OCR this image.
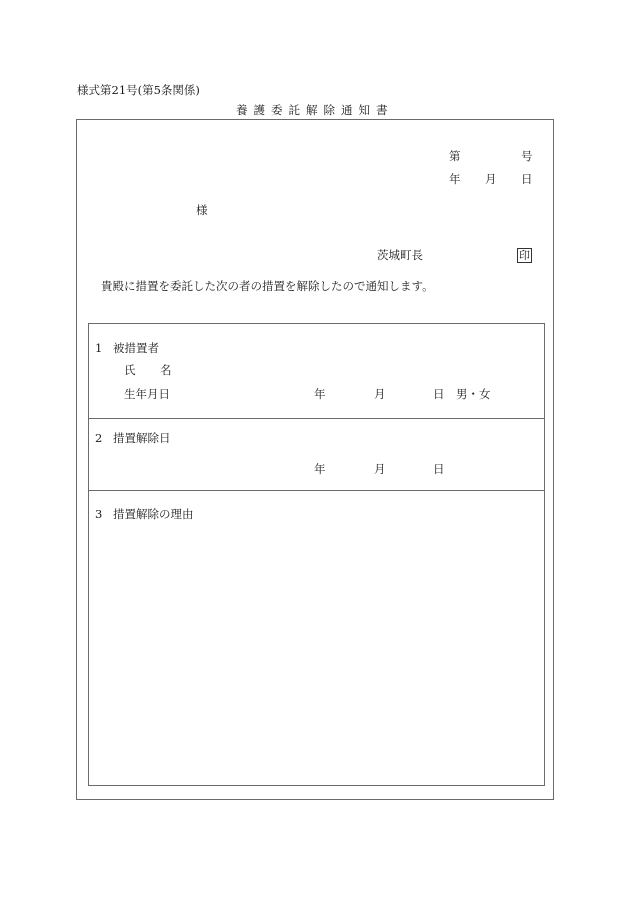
様式第21号(第5条関係)
養護委託解除通知書
第	号
年 月 日
様
茨城町長	印
貴殿に措置を委託した次の者の措置を解除したので通知します。
1 被措置者
氏 名
生年月日	年	月	日 男・女
2 措置解除日
年	月	日
3 措置解除の理由
